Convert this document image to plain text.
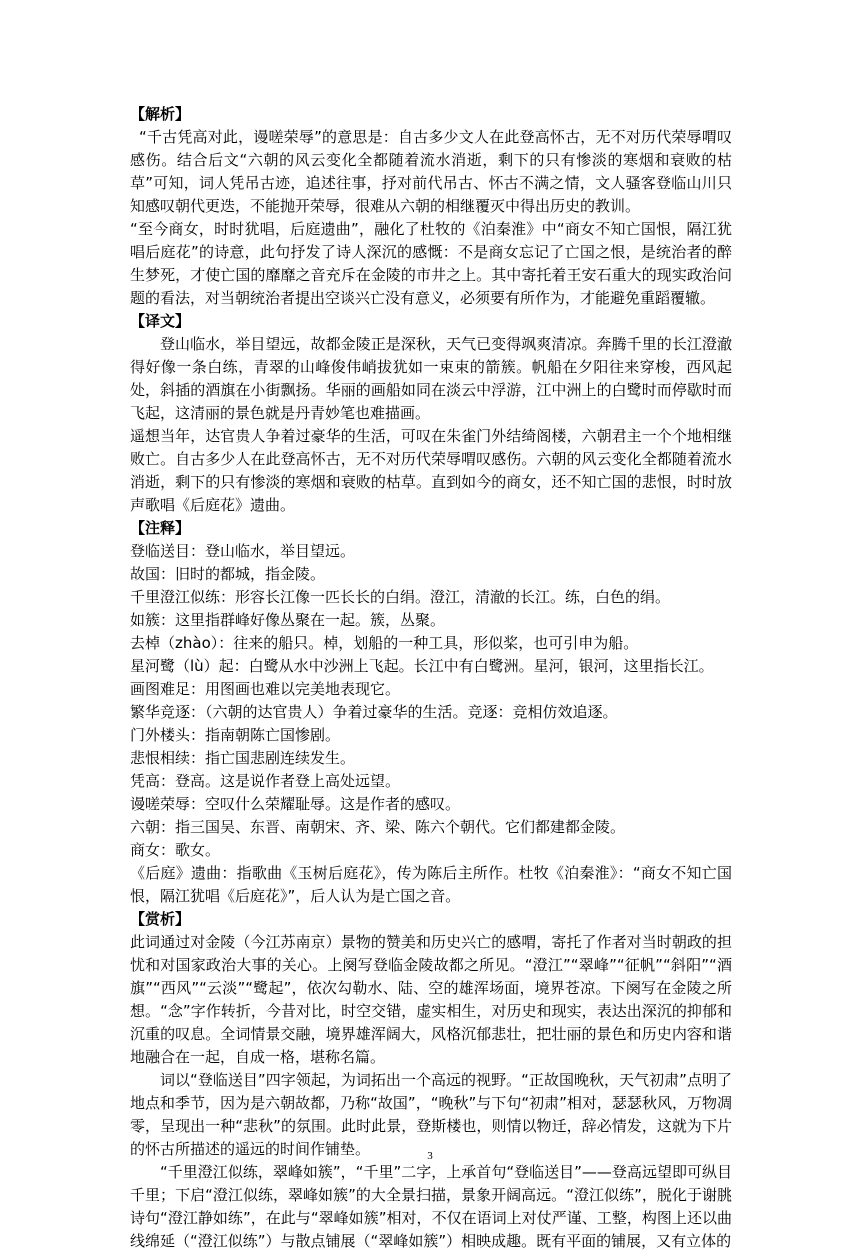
【解析】

“千古凭高对此，谩嗟荣辱”的意思是：自古多少文人在此登高怀古，无不对历代荣辱喟叹感伤。结合后文“六朝的风云变化全都随着流水消逝，剩下的只有惨淡的寒烟和衰败的枯草”可知，词人凭吊古迹，追述往事，抒对前代吊古、怀古不满之情，文人骚客登临山川只知感叹朝代更迭，不能抛开荣辱，很难从六朝的相继覆灭中得出历史的教训。

“至今商女，时时犹唱，后庭遗曲”，融化了杜牧的《泊秦淮》中“商女不知亡国恨，隔江犹唱后庭花”的诗意，此句抒发了诗人深沉的感慨：不是商女忘记了亡国之恨，是统治者的醉生梦死，才使亡国的靡靡之音充斥在金陵的市井之上。其中寄托着王安石重大的现实政治问题的看法，对当朝统治者提出空谈兴亡没有意义，必须要有所作为，才能避免重蹈覆辙。

【译文】

登山临水，举目望远，故都金陵正是深秋，天气已变得飒爽清凉。奔腾千里的长江澄澈得好像一条白练，青翠的山峰俊伟峭拔犹如一束束的箭簇。帆船在夕阳往来穿梭，西风起处，斜插的酒旗在小街飘扬。华丽的画船如同在淡云中浮游，江中洲上的白鹭时而停歇时而飞起，这清丽的景色就是丹青妙笔也难描画。

遥想当年，达官贵人争着过豪华的生活，可叹在朱雀门外结绮阁楼，六朝君主一个个地相继败亡。自古多少人在此登高怀古，无不对历代荣辱喟叹感伤。六朝的风云变化全都随着流水消逝，剩下的只有惨淡的寒烟和衰败的枯草。直到如今的商女，还不知亡国的悲恨，时时放声歌唱《后庭花》遗曲。

【注释】

登临送目：登山临水，举目望远。

故国：旧时的都城，指金陵。

千里澄江似练：形容长江像一匹长长的白绢。澄江，清澈的长江。练，白色的绢。

如簇：这里指群峰好像丛聚在一起。簇，丛聚。

去棹（zhào）：往来的船只。棹，划船的一种工具，形似桨，也可引申为船。

星河鹭（lù）起：白鹭从水中沙洲上飞起。长江中有白鹭洲。星河，银河，这里指长江。

画图难足：用图画也难以完美地表现它。

繁华竞逐：（六朝的达官贵人）争着过豪华的生活。竞逐：竞相仿效追逐。

门外楼头：指南朝陈亡国惨剧。

悲恨相续：指亡国悲剧连续发生。

凭高：登高。这是说作者登上高处远望。

谩嗟荣辱：空叹什么荣耀耻辱。这是作者的感叹。

六朝：指三国吴、东晋、南朝宋、齐、梁、陈六个朝代。它们都建都金陵。

商女：歌女。

《后庭》遗曲：指歌曲《玉树后庭花》，传为陈后主所作。杜牧《泊秦淮》：“商女不知亡国恨，隔江犹唱《后庭花》”，后人认为是亡国之音。

【赏析】

此词通过对金陵（今江苏南京）景物的赞美和历史兴亡的感喟，寄托了作者对当时朝政的担忧和对国家政治大事的关心。上阕写登临金陵故都之所见。“澄江”“翠峰”“征帆”“斜阳”“酒旗”“西风”“云淡”“鹭起”，依次勾勒水、陆、空的雄浑场面，境界苍凉。下阕写在金陵之所想。“念”字作转折，今昔对比，时空交错，虚实相生，对历史和现实，表达出深沉的抑郁和沉重的叹息。全词情景交融，境界雄浑阔大，风格沉郁悲壮，把壮丽的景色和历史内容和谐地融合在一起，自成一格，堪称名篇。

词以“登临送目”四字领起，为词拓出一个高远的视野。“正故国晚秋，天气初肃”点明了地点和季节，因为是六朝故都，乃称“故国”，“晚秋”与下句“初肃”相对，瑟瑟秋风，万物凋零，呈现出一种“悲秋”的氛围。此时此景，登斯楼也，则情以物迁，辞必情发，这就为下片的怀古所描述的遥远的时间作铺垫。

“千里澄江似练，翠峰如簇”，“千里”二字，上承首句“登临送目”——登高远望即可纵目千里；下启“澄江似练，翠峰如簇”的大全景扫描，景象开阔高远。“澄江似练”，脱化于谢朓诗句“澄江静如练”，在此与“翠峰如簇”相对，不仅在语词上对仗严谨、工整，构图上还以曲线绵延（“澄江似练”）与散点铺展（“翠峰如簇”）相映成趣。既有平面的铺展，又有立体的

3
